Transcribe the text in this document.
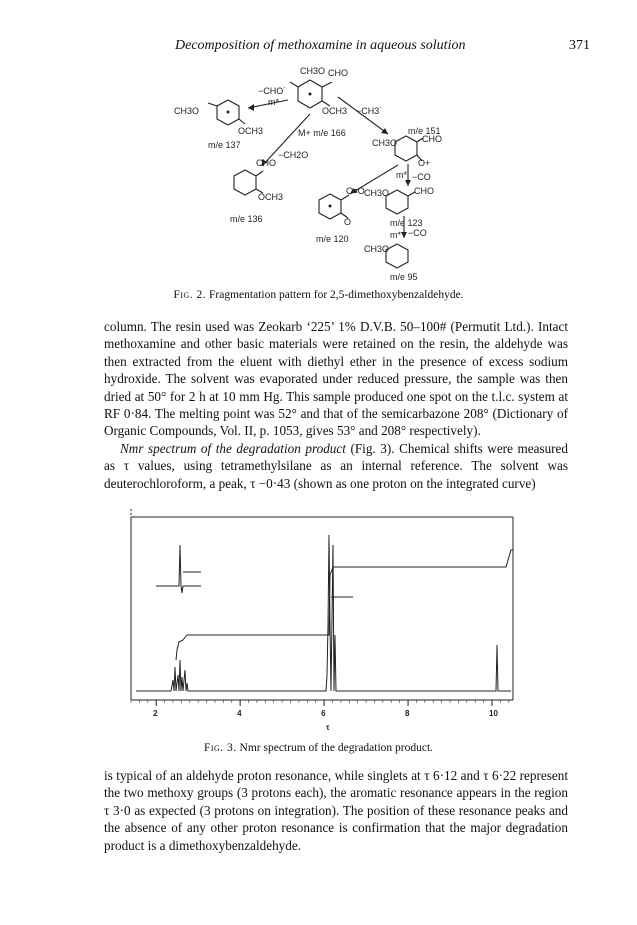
Decomposition of methoxamine in aqueous solution	371
CH3O CHO
−CHO˙
m*
OCH3 −CH3˙
CH3O
OCH3
m/e 137
M+ m/e 166
−CH2O
m/e 151
CH3O	CHO
O+
CHO
OCH3
m/e 136
C≡O
O
m/e 120
m* −CO
CH3O	CHO
m/e 123
m* −CO
CH3O
m/e 95
Fig. 2. Fragmentation pattern for 2,5-dimethoxybenzaldehyde.

column. The resin used was Zeokarb ‘225’ 1% D.V.B. 50–100# (Permutit Ltd.). Intact methoxamine and other basic materials were retained on the resin, the aldehyde was then extracted from the eluent with diethyl ether in the presence of excess sodium hydroxide. The solvent was evaporated under reduced pressure, the sample was then dried at 50° for 2 h at 10 mm Hg. This sample produced one spot on the t.l.c. system at RF 0·84. The melting point was 52° and that of the semicarbazone 208° (Dictionary of Organic Compounds, Vol. II, p. 1053, gives 53° and 208° respectively).

Nmr spectrum of the degradation product (Fig. 3). Chemical shifts were measured as τ values, using tetramethylsilane as an internal reference. The solvent was deuterochloroform, a peak, τ −0·43 (shown as one proton on the integrated curve)

2	4	6	8	10
τ
Fig. 3. Nmr spectrum of the degradation product.

is typical of an aldehyde proton resonance, while singlets at τ 6·12 and τ 6·22 represent the two methoxy groups (3 protons each), the aromatic resonance appears in the region τ 3·0 as expected (3 protons on integration). The position of these resonance peaks and the absence of any other proton resonance is confirmation that the major degradation product is a dimethoxybenzaldehyde.
